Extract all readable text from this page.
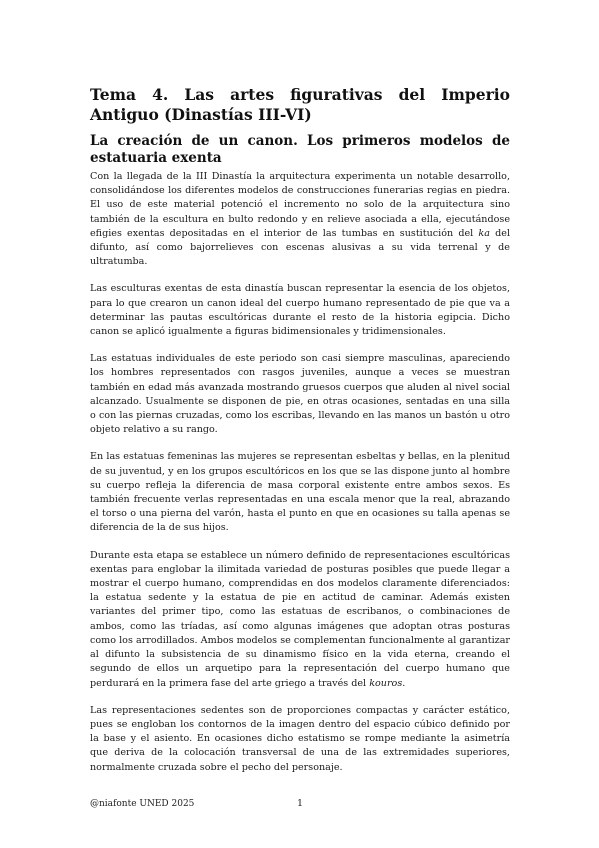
Tema 4. Las artes figurativas del Imperio Antiguo (Dinastías III-VI)
La creación de un canon. Los primeros modelos de estatuaria exenta

Con la llegada de la III Dinastía la arquitectura experimenta un notable desarrollo, consolidándose los diferentes modelos de construcciones funerarias regias en piedra. El uso de este material potenció el incremento no solo de la arquitectura sino también de la escultura en bulto redondo y en relieve asociada a ella, ejecutándose efigies exentas depositadas en el interior de las tumbas en sustitución del ka del difunto, así como bajorrelieves con escenas alusivas a su vida terrenal y de ultratumba.

Las esculturas exentas de esta dinastía buscan representar la esencia de los objetos, para lo que crearon un canon ideal del cuerpo humano representado de pie que va a determinar las pautas escultóricas durante el resto de la historia egipcia. Dicho canon se aplicó igualmente a figuras bidimensionales y tridimensionales.

Las estatuas individuales de este periodo son casi siempre masculinas, apareciendo los hombres representados con rasgos juveniles, aunque a veces se muestran también en edad más avanzada mostrando gruesos cuerpos que aluden al nivel social alcanzado. Usualmente se disponen de pie, en otras ocasiones, sentadas en una silla o con las piernas cruzadas, como los escribas, llevando en las manos un bastón u otro objeto relativo a su rango.

En las estatuas femeninas las mujeres se representan esbeltas y bellas, en la plenitud de su juventud, y en los grupos escultóricos en los que se las dispone junto al hombre su cuerpo refleja la diferencia de masa corporal existente entre ambos sexos. Es también frecuente verlas representadas en una escala menor que la real, abrazando el torso o una pierna del varón, hasta el punto en que en ocasiones su talla apenas se diferencia de la de sus hijos.

Durante esta etapa se establece un número definido de representaciones escultóricas exentas para englobar la ilimitada variedad de posturas posibles que puede llegar a mostrar el cuerpo humano, comprendidas en dos modelos claramente diferenciados: la estatua sedente y la estatua de pie en actitud de caminar. Además existen variantes del primer tipo, como las estatuas de escribanos, o combinaciones de ambos, como las tríadas, así como algunas imágenes que adoptan otras posturas como los arrodillados. Ambos modelos se complementan funcionalmente al garantizar al difunto la subsistencia de su dinamismo físico en la vida eterna, creando el segundo de ellos un arquetipo para la representación del cuerpo humano que perdurará en la primera fase del arte griego a través del kouros.

Las representaciones sedentes son de proporciones compactas y carácter estático, pues se engloban los contornos de la imagen dentro del espacio cúbico definido por la base y el asiento. En ocasiones dicho estatismo se rompe mediante la asimetría que deriva de la colocación transversal de una de las extremidades superiores, normalmente cruzada sobre el pecho del personaje.

@niafonte UNED 2025	1
